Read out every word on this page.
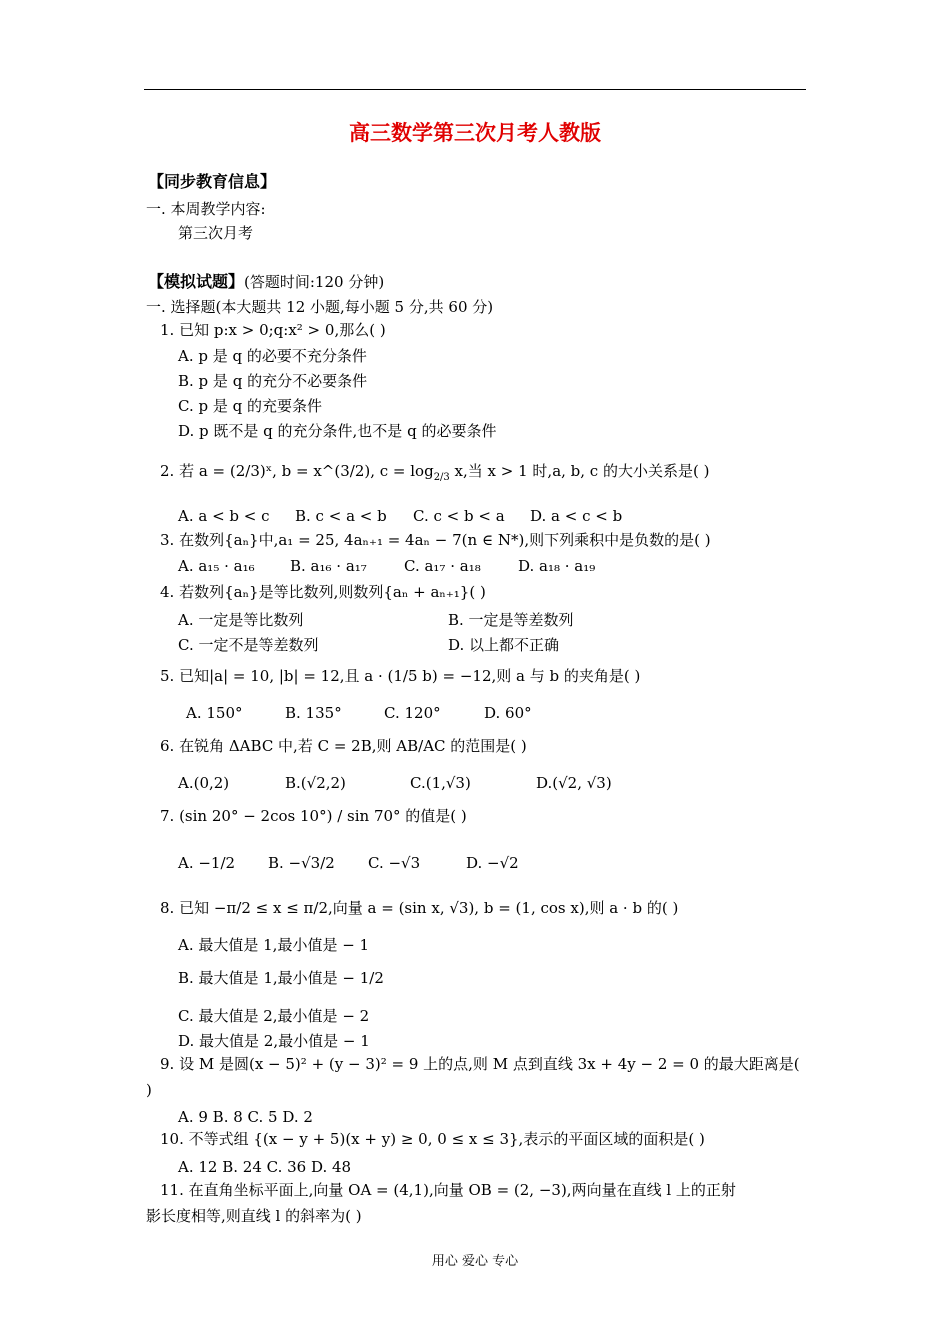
高三数学第三次月考人教版
【同步教育信息】
一. 本周教学内容:
第三次月考
【模拟试题】(答题时间:120 分钟)
一. 选择题(本大题共 12 小题,每小题 5 分,共 60 分)
1. 已知 p:x > 0;q:x² > 0,那么( )
A. p 是 q 的必要不充分条件
B. p 是 q 的充分不必要条件
C. p 是 q 的充要条件
D. p 既不是 q 的充分条件,也不是 q 的必要条件
2. 若 a = (2/3)ˣ, b = x^(3/2), $c = \log_{2/3} x$,当 x > 1 时,a, b, c 的大小关系是( )
A. a < b < c B. c < a < b C. c < b < a D. a < c < b
3. 在数列{aₙ}中,a₁ = 25, 4aₙ₊₁ = 4aₙ − 7(n ∈ N*),则下列乘积中是负数的是( )
A. a₁₅ · a₁₆ B. a₁₆ · a₁₇ C. a₁₇ · a₁₈ D. a₁₈ · a₁₉
4. 若数列{aₙ}是等比数列,则数列{aₙ + aₙ₊₁}( )
A. 一定是等比数列	B. 一定是等差数列
C. 一定不是等差数列	D. 以上都不正确
5. 已知|a| = 10, |b| = 12,且 a · (1/5 b) = −12,则 a 与 b 的夹角是( )
A. 150°	B. 135°	C. 120°	D. 60°
6. 在锐角 ΔABC 中,若 C = 2B,则 AB/AC 的范围是( )
A.(0,2)	B.(√2,2)	C.(1,√3)	D.(√2, √3)
7. (sin 20° − 2cos 10°) / sin 70° 的值是( )
A. −1/2 B. −√3/2 C. −√3	D. −√2
8. 已知 −π/2 ≤ x ≤ π/2,向量 a = (sin x, √3), b = (1, cos x),则 a · b 的( )
A. 最大值是 1,最小值是 − 1
B. 最大值是 1,最小值是 − 1/2
C. 最大值是 2,最小值是 − 2
D. 最大值是 2,最小值是 − 1
9. 设 M 是圆(x − 5)² + (y − 3)² = 9 上的点,则 M 点到直线 3x + 4y − 2 = 0 的最大距离是(
)
A. 9 B. 8 C. 5 D. 2
10. 不等式组 {(x − y + 5)(x + y) ≥ 0, 0 ≤ x ≤ 3},表示的平面区域的面积是( )
A. 12 B. 24 C. 36 D. 48
11. 在直角坐标平面上,向量 OA = (4,1),向量 OB = (2, −3),两向量在直线 l 上的正射
影长度相等,则直线 l 的斜率为( )
用心 爱心 专心
